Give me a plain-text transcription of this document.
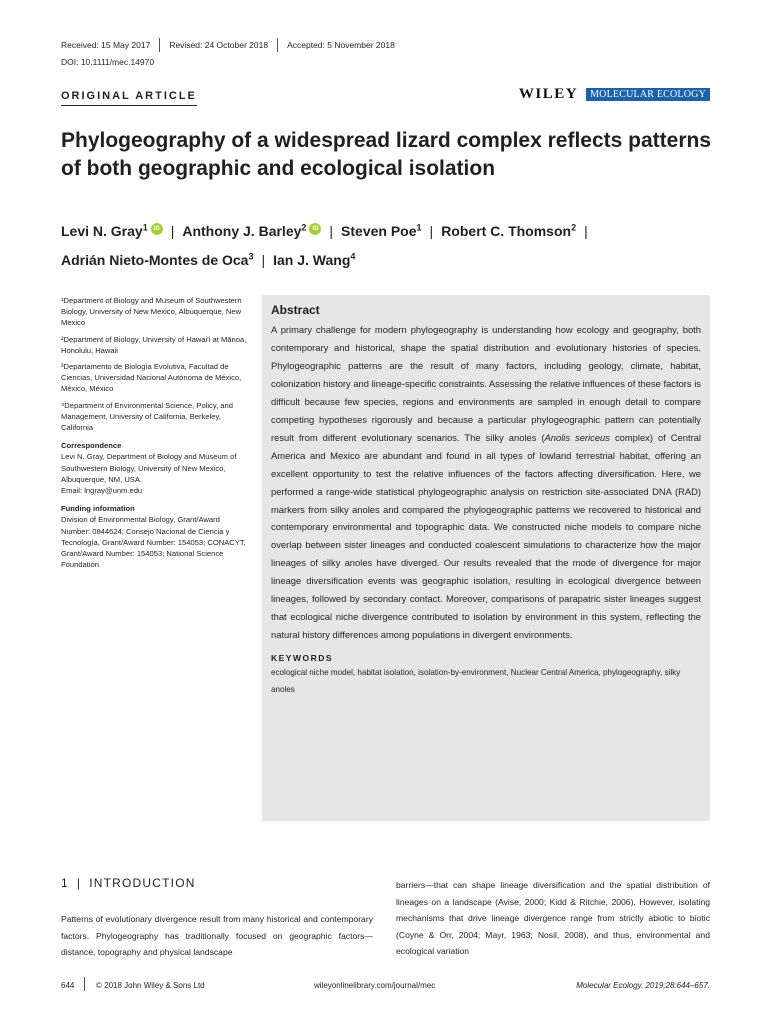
Received: 15 May 2017 Revised: 24 October 2018 Accepted: 5 November 2018
DOI: 10.1111/mec.14970
ORIGINAL ARTICLE	WILEY	MOLECULAR ECOLOGY
Phylogeography of a widespread lizard complex reflects patterns of both geographic and ecological isolation
Levi N. Gray$^1$ iD | Anthony J. Barley$^2$ iD | Steven Poe$^1$ | Robert C. Thomson$^2$ |
Adrián Nieto-Montes de Oca$^3$ | Ian J. Wang$^4$

¹Department of Biology and Museum of Southwestern Biology, University of New Mexico, Albuquerque, New Mexico

²Department of Biology, University of Hawai'i at Mānoa, Honolulu, Hawaii

³Departamento de Biología Evolutiva, Facultad de Ciencias, Universidad Nacional Autónoma de México, México, México

⁴Department of Environmental Science, Policy, and Management, University of California, Berkeley, California

Correspondence

Levi N. Gray, Department of Biology and Museum of Southwestern Biology, University of New Mexico, Albuquerque, NM, USA.

Email: lngray@unm.edu

Funding information

Division of Environmental Biology, Grant/Award Number: 0844624; Consejo Nacional de Ciencia y Tecnología, Grant/Award Number: 154053; CONACYT, Grant/Award Number: 154053; National Science Foundation

Abstract

A primary challenge for modern phylogeography is understanding how ecology and geography, both contemporary and historical, shape the spatial distribution and evolutionary histories of species. Phylogeographic patterns are the result of many factors, including geology, climate, habitat, colonization history and lineage-specific constraints. Assessing the relative influences of these factors is difficult because few species, regions and environments are sampled in enough detail to compare competing hypotheses rigorously and because a particular phylogeographic pattern can potentially result from different evolutionary scenarios. The silky anoles (Anolis sericeus complex) of Central America and Mexico are abundant and found in all types of lowland terrestrial habitat, offering an excellent opportunity to test the relative influences of the factors affecting diversification. Here, we performed a range-wide statistical phylogeographic analysis on restriction site-associated DNA (RAD) markers from silky anoles and compared the phylogeographic patterns we recovered to historical and contemporary environmental and topographic data. We constructed niche models to compare niche overlap between sister lineages and conducted coalescent simulations to characterize how the major lineages of silky anoles have diverged. Our results revealed that the mode of divergence for major lineage diversification events was geographic isolation, resulting in ecological divergence between lineages, followed by secondary contact. Moreover, comparisons of parapatric sister lineages suggest that ecological niche divergence contributed to isolation by environment in this system, reflecting the natural history differences among populations in divergent environments.

KEYWORDS
ecological niche model, habitat isolation, isolation-by-environment, Nuclear Central America, phylogeography, silky anoles
1 | INTRODUCTION

Patterns of evolutionary divergence result from many historical and contemporary factors. Phylogeography has traditionally focused on geographic factors—distance, topography and physical landscape

barriers—that can shape lineage diversification and the spatial distribution of lineages on a landscape (Avise, 2000; Kidd & Ritchie, 2006). However, isolating mechanisms that drive lineage divergence range from strictly abiotic to biotic (Coyne & Orr, 2004; Mayr, 1963; Nosil, 2008), and thus, environmental and ecological variation

644	© 2018 John Wiley & Sons Ltd	wileyonlinelibrary.com/journal/mec	Molecular Ecology. 2019;28:644–657.
